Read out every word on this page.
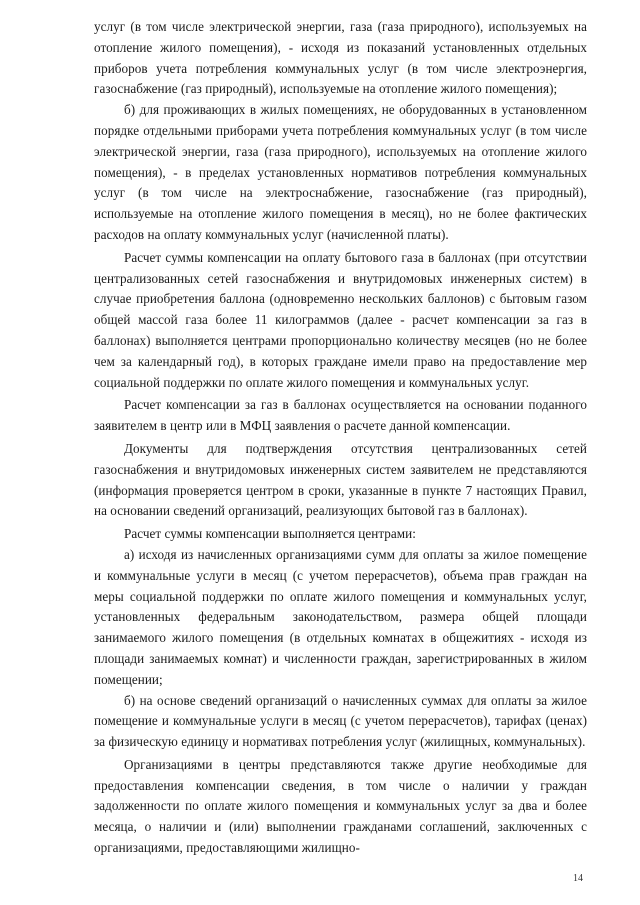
услуг (в том числе электрической энергии, газа (газа природного), используемых на отопление жилого помещения), - исходя из показаний установленных отдельных приборов учета потребления коммунальных услуг (в том числе электроэнергия, газоснабжение (газ природный), используемые на отопление жилого помещения);

б) для проживающих в жилых помещениях, не оборудованных в установленном порядке отдельными приборами учета потребления коммунальных услуг (в том числе электрической энергии, газа (газа природного), используемых на отопление жилого помещения), - в пределах установленных нормативов потребления коммунальных услуг (в том числе на электроснабжение, газоснабжение (газ природный), используемые на отопление жилого помещения в месяц), но не более фактических расходов на оплату коммунальных услуг (начисленной платы).

Расчет суммы компенсации на оплату бытового газа в баллонах (при отсутствии централизованных сетей газоснабжения и внутридомовых инженерных систем) в случае приобретения баллона (одновременно нескольких баллонов) с бытовым газом общей массой газа более 11 килограммов (далее - расчет компенсации за газ в баллонах) выполняется центрами пропорционально количеству месяцев (но не более чем за календарный год), в которых граждане имели право на предоставление мер социальной поддержки по оплате жилого помещения и коммунальных услуг.

Расчет компенсации за газ в баллонах осуществляется на основании поданного заявителем в центр или в МФЦ заявления о расчете данной компенсации.

Документы для подтверждения отсутствия централизованных сетей газоснабжения и внутридомовых инженерных систем заявителем не представляются (информация проверяется центром в сроки, указанные в пункте 7 настоящих Правил, на основании сведений организаций, реализующих бытовой газ в баллонах).

Расчет суммы компенсации выполняется центрами:

а) исходя из начисленных организациями сумм для оплаты за жилое помещение и коммунальные услуги в месяц (с учетом перерасчетов), объема прав граждан на меры социальной поддержки по оплате жилого помещения и коммунальных услуг, установленных федеральным законодательством, размера общей площади занимаемого жилого помещения (в отдельных комнатах в общежитиях - исходя из площади занимаемых комнат) и численности граждан, зарегистрированных в жилом помещении;

б) на основе сведений организаций о начисленных суммах для оплаты за жилое помещение и коммунальные услуги в месяц (с учетом перерасчетов), тарифах (ценах) за физическую единицу и нормативах потребления услуг (жилищных, коммунальных).

Организациями в центры представляются также другие необходимые для предоставления компенсации сведения, в том числе о наличии у граждан задолженности по оплате жилого помещения и коммунальных услуг за два и более месяца, о наличии и (или) выполнении гражданами соглашений, заключенных с организациями, предоставляющими жилищно-

14
